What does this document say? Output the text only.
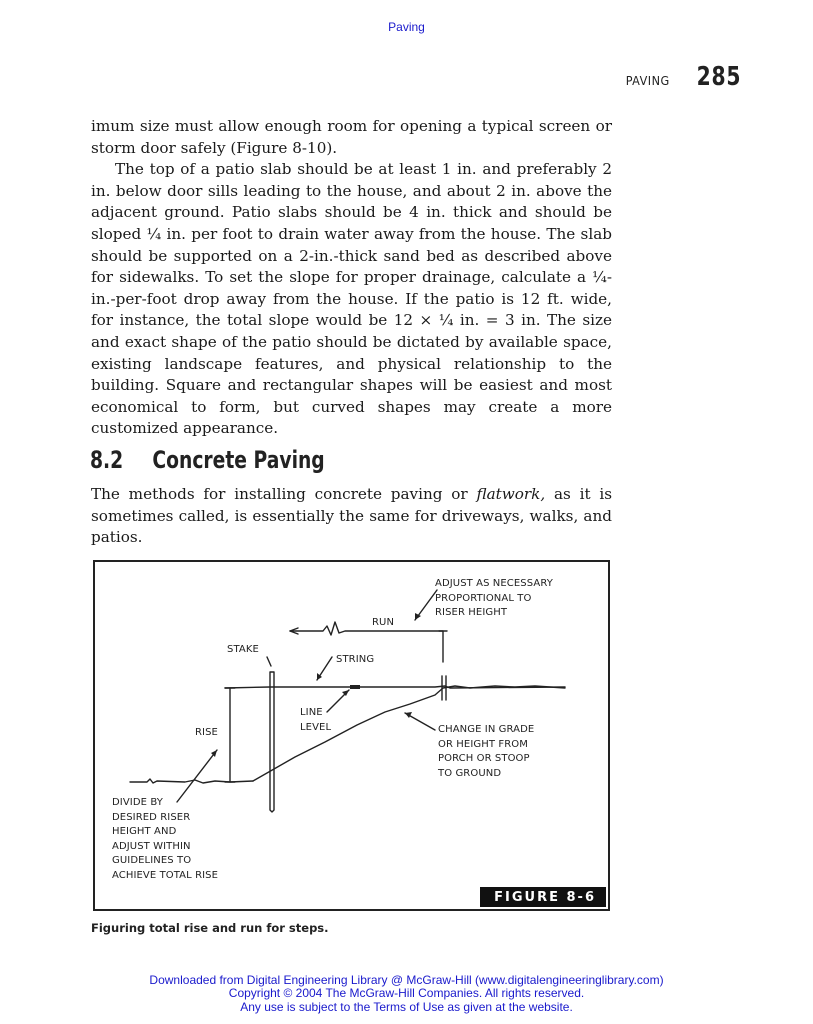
Paving
PAVING 285

imum size must allow enough room for opening a typical screen or storm door safely (Figure 8-10).

The top of a patio slab should be at least 1 in. and preferably 2 in. below door sills leading to the house, and about 2 in. above the adjacent ground. Patio slabs should be 4 in. thick and should be sloped ¼ in. per foot to drain water away from the house. The slab should be supported on a 2-in.-thick sand bed as described above for sidewalks. To set the slope for proper drainage, calculate a ¼-in.-per-foot drop away from the house. If the patio is 12 ft. wide, for instance, the total slope would be 12 × ¼ in. = 3 in. The size and exact shape of the patio should be dictated by available space, existing landscape features, and physical relationship to the building. Square and rectangular shapes will be easiest and most economical to form, but curved shapes may create a more customized appearance.

8.2	Concrete Paving

The methods for installing concrete paving or flatwork, as it is sometimes called, is essentially the same for driveways, walks, and patios.

ADJUST AS NECESSARY
PROPORTIONAL TO
RISER HEIGHT
RUN
STAKE
STRING
LINE
LEVEL
RISE	CHANGE IN GRADE
OR HEIGHT FROM
PORCH OR STOOP
TO GROUND
DIVIDE BY
DESIRED RISER
HEIGHT AND
ADJUST WITHIN
GUIDELINES TO
ACHIEVE TOTAL RISE
FIGURE 8-6
Figuring total rise and run for steps.
Downloaded from Digital Engineering Library @ McGraw-Hill (www.digitalengineeringlibrary.com)
Copyright © 2004 The McGraw-Hill Companies. All rights reserved.
Any use is subject to the Terms of Use as given at the website.
